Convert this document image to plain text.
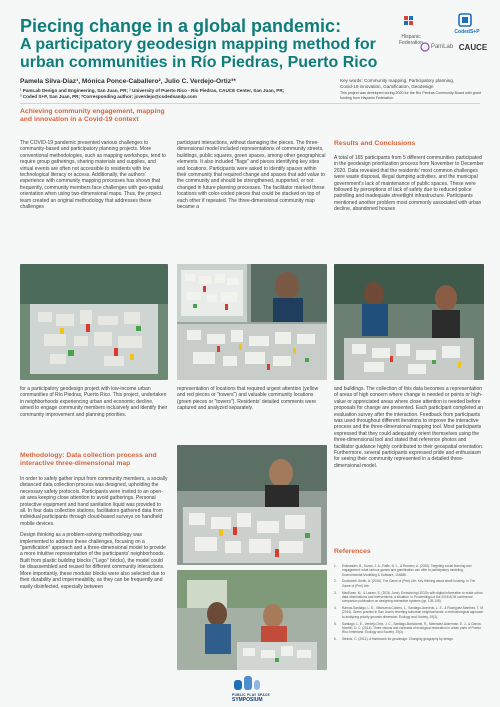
Piecing change in a global pandemic:
A participatory geodesign mapping method for urban communities in Río Piedras, Puerto Rico
Hispanic Federation
CodedS+P
PamLab CAUCE
Pamela Silva-Díaz¹, Mónica Ponce-Caballero², Julio C. Verdejo-Ortiz³*
¹ PamLab Design and Engineering, San Juan, PR; ² University of Puerto Rico - Río Piedras, CAUCE Center, San Juan, PR;
³ Coded S+P, San Juan, PR; *Corresponding author: jcverdejo@codedsandp.com
Key words: Community mapping, Participatory planning,
Covid-19 innovation, Gamification, Geodesign
This project was developed during 2020 for the Río Piedras Community Board with grant funding from Hispanic Federation.
Achieving community engagement, mapping and innovation in a Covid-19 context
The COVID-19 pandemic presented various challenges to community-based and participatory planning projects. More conventional methodologies, such as mapping workshops, tend to require group gatherings, sharing materials and supplies, and virtual events are often not accessible to residents with low technological literacy or access. Additionally, the authors' experience with community mapping processes has shown that frequently, community members face challenges with geo-spatial orientation when using two-dimensional maps. Thus, the project team created an original methodology that addresses these challenges
participant interactions, without damaging the pieces. The three-dimensional model included representations of community streets, buildings, public squares, green spaces, among other geographical elements. It also included "flags" and pieces identifying key sites and locations. Participants were asked to identify spaces within their community that required change and spaces that add value to the community and should be strengthened, supported, or not changed in future planning processes. The facilitator marked these locations with color-coded pieces that could be stacked on top of each other if repeated. The three-dimensional community map became a
Results and Conclusions
A total of 165 participants from 5 different communities participated in the geodesign prioritization process from November to December 2020. Data revealed that the residents' most common challenges were waste disposal, illegal dumping activities, and the municipal government's lack of maintenance of public spaces. These were followed by perceptions of lack of safety due to reduced police patrolling and inadequate streetlight infrastructure. Participants mentioned another problem most commonly associated with urban decline, abandoned houses
for a participatory geodesign project with low-income urban communities of Río Piedras, Puerto Rico. This project, undertaken in neighborhoods experiencing urban and economic decline, aimed to engage community members inclusively and identify their community improvement and planning priorities.
Methodology: Data collection process and interactive three-dimensional map

In order to safely gather input from community members, a socially distanced data collection process was designed, upholding the necessary safety protocols. Participants were invited to an open-air area keeping close attention to avoid gatherings. Personal protective equipment and hand sanitation liquid was provided to all. In four data collection stations, facilitators gathered data from individual participants through cloud-based surveys on handheld mobile devices.

Design thinking as a problem-solving methodology was implemented to address these challenges, focusing on a "gamification" approach and a three-dimensional model to provide a more intuitive representation of the participants' neighborhoods. Built from plastic building blocks ("Lego" bricks), the model could be disassembled and reused for different community interactions. More importantly, these modular blocks were also selected due to their durability and impermeability, as they can be frequently and easily disinfected, especially between

representation of locations that required urgent attention (yellow and red pieces or "towers") and valuable community locations (green pieces or "towers"). Residents' detailed comments were captured and analyzed separately.
PUBLIC PLAY SPACE
SYMPOSIUM
and buildings. The collection of this data becomes a representation of areas of high concern where change is needed or points or high-value or appreciated areas where close attention is needed before proposals for change are presented. Each participant completed an evaluation survey after the interaction. Feedback from participants was used throughout different iterations to improve the interactive process and the three-dimensional mapping tool. Most participants expressed that they could adequately orient themselves using the three-dimensional tool and stated that reference photos and facilitator guidance highly contributed to their geospatial orientation. Furthermore, several participants expressed pride and enthusiasm for seeing their community represented in a detailed three-dimensional model.
References
1. Eskinasien, B., Duran, J. A., Rafle, N. L., & Romero, A. (2020). Targeting social learning and engagement: what serious games and gamification can offer to participatory modeling. Environmental Modelling & Software, 104888.
2. Duckworth-Smith, A. (2016). The Game of (Peri) Life: Key thinking about small housing. In The Game of (Peri) Life.
3. MacEwan, M., & Lazaro, E. (2016, June). Envisioning LEGOs with digital information to make urban data observations and interventions: a situation. In Proceedings of the 2016 ACM conference companion publication on designing interactive systems (pp. 105-108).
4. Ramos-Santiago, L. E., Villanueva-Cubero, L., Santiago-Acevedo, L. E., & Rodriguez-Martinez, T. M. (2014). Green practice in San Juan's reverting suburban neighborhoods: a methodological approach to analyzing priority grounds dimension. Ecology and Society, 19(3).
5. Santiago, L. E., Verdejo-Ortiz, J. C., Santiago-Bartolomei, R., Melendez-Ackerman, E. J., & Garcia-Montiel, D. C. (2014). Three visions and contrasts of ecological restoration in urban parts of Puerto Rico hinterland. Ecology and Society, 19(3).
6. Steinitz, C. (2012). A framework for geodesign: Changing geography by design.
